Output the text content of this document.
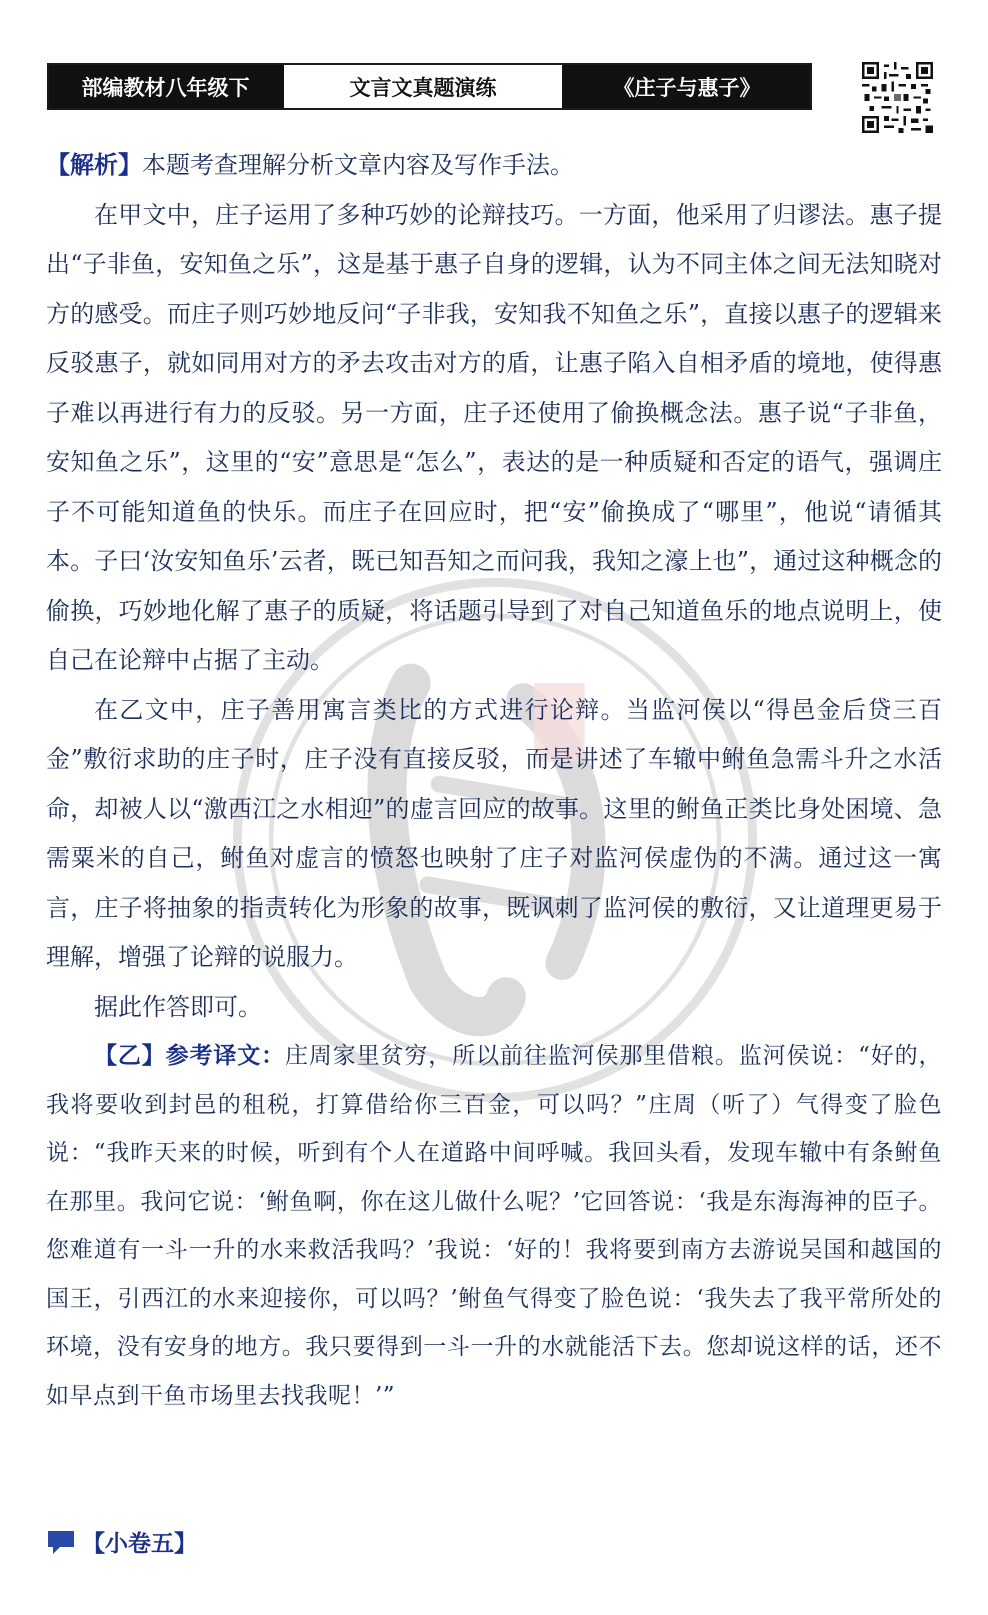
部编教材八年级下	文言文真题演练	《庄子与惠子》

【解析】本题考查理解分析文章内容及写作手法。

在甲文中，庄子运用了多种巧妙的论辩技巧。一方面，他采用了归谬法。惠子提出“子非鱼，安知鱼之乐”，这是基于惠子自身的逻辑，认为不同主体之间无法知晓对方的感受。而庄子则巧妙地反问“子非我，安知我不知鱼之乐”，直接以惠子的逻辑来反驳惠子，就如同用对方的矛去攻击对方的盾，让惠子陷入自相矛盾的境地，使得惠子难以再进行有力的反驳。另一方面，庄子还使用了偷换概念法。惠子说“子非鱼，安知鱼之乐”，这里的“安”意思是“怎么”，表达的是一种质疑和否定的语气，强调庄子不可能知道鱼的快乐。而庄子在回应时，把“安”偷换成了“哪里”，他说“请循其本。子曰‘汝安知鱼乐’云者，既已知吾知之而问我，我知之濠上也”，通过这种概念的偷换，巧妙地化解了惠子的质疑，将话题引导到了对自己知道鱼乐的地点说明上，使自己在论辩中占据了主动。

在乙文中，庄子善用寓言类比的方式进行论辩。当监河侯以“得邑金后贷三百金”敷衍求助的庄子时，庄子没有直接反驳，而是讲述了车辙中鲋鱼急需斗升之水活命，却被人以“激西江之水相迎”的虚言回应的故事。这里的鲋鱼正类比身处困境、急需粟米的自己，鲋鱼对虚言的愤怒也映射了庄子对监河侯虚伪的不满。通过这一寓言，庄子将抽象的指责转化为形象的故事，既讽刺了监河侯的敷衍，又让道理更易于理解，增强了论辩的说服力。

据此作答即可。

【乙】参考译文：庄周家里贫穷，所以前往监河侯那里借粮。监河侯说：“好的，我将要收到封邑的租税，打算借给你三百金，可以吗？”庄周（听了）气得变了脸色说：“我昨天来的时候，听到有个人在道路中间呼喊。我回头看，发现车辙中有条鲋鱼在那里。我问它说：‘鲋鱼啊，你在这儿做什么呢？’它回答说：‘我是东海海神的臣子。您难道有一斗一升的水来救活我吗？’我说：‘好的！我将要到南方去游说吴国和越国的国王，引西江的水来迎接你，可以吗？’鲋鱼气得变了脸色说：‘我失去了我平常所处的环境，没有安身的地方。我只要得到一斗一升的水就能活下去。您却说这样的话，还不如早点到干鱼市场里去找我呢！’”

【小卷五】
